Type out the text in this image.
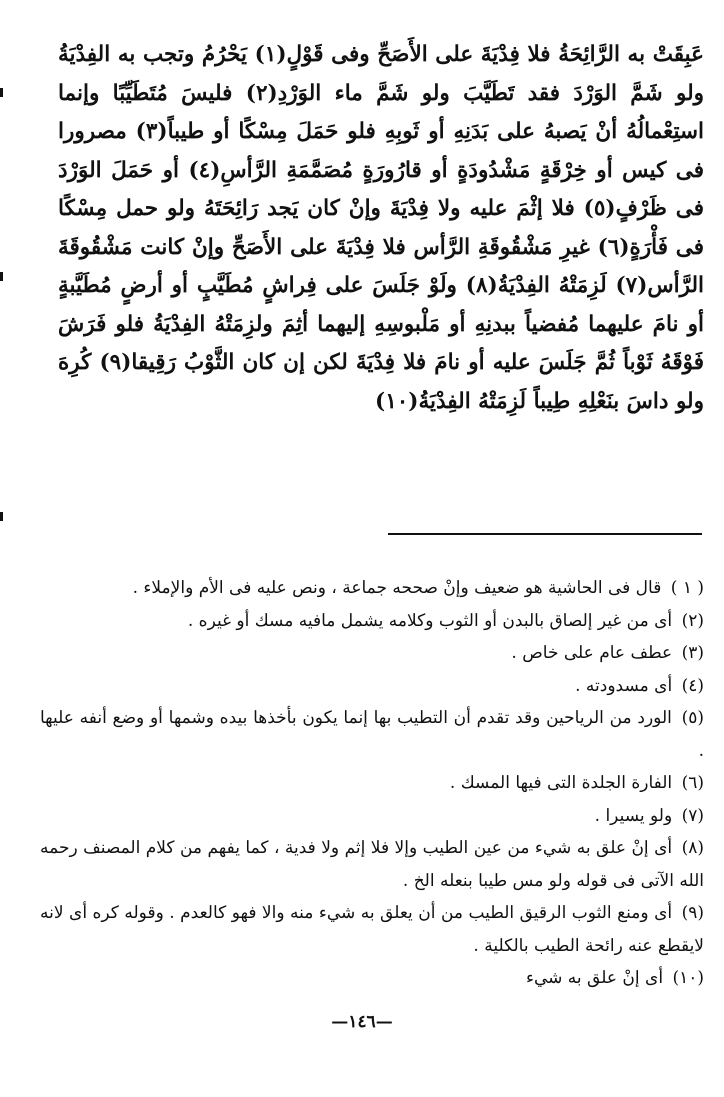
عَبِقَتْ به الرَّائِحَةُ فلا فِدْيَةَ على الأَصَحِّ وفى قَوْلٍ(١) يَحْرُمُ وتجب به الفِدْيَةُ ولو شَمَّ الوَرْدَ فقد تَطَيَّبَ ولو شَمَّ ماء الوَرْدِ(٢) فليسَ مُتَطَيِّبًا وإنما استِعْمالُهُ أنْ يَصبهُ على بَدَنِهِ أو ثَوبِهِ فلو حَمَلَ مِسْكًا أو طيباً(٣) مصرورا فى كيس أو خِرْقَةٍ مَشْدُودَةٍ أو قارُورَةٍ مُصَمَّمَةِ الرَّأسِ(٤) أو حَمَلَ الوَرْدَ فى ظَرْفٍ(٥) فلا إثْمَ عليه ولا فِدْيَةَ وإنْ كان يَجد رَائِحَتَهُ ولو حمل مِسْكًا فى فَأْرَةٍ(٦) غيرِ مَشْقُوقَةِ الرَّأس فلا فِدْيَةَ على الأَصَحِّ وإنْ كانت مَشْقُوقَةَ الرَّأس(٧) لَزِمَتْهُ الفِدْيَةُ(٨) ولَوْ جَلَسَ على فِراشٍ مُطَيَّبٍ أو أرضٍ مُطَيَّبةٍ أو نامَ عليهما مُفضياً ببدنِهِ أو مَلْبوسِهِ إليهما أثِمَ ولزِمَتْهُ الفِدْيَةُ فلو فَرَشَ فَوْقَهُ ثَوْباً ثُمَّ جَلَسَ عليه أو نامَ فلا فِدْيَةَ لكن إن كان الثَّوْبُ رَقِيقا(٩) كُرِهَ ولو داسَ بنَعْلِهِ طِيباً لَزِمَتْهُ الفِدْيَةُ(١٠)

( ١ ) قال فى الحاشية هو ضعيف وإنْ صححه جماعة ، ونص عليه فى الأم والإملاء .

(٢) أى من غير إلصاق بالبدن أو الثوب وكلامه يشمل مافيه مسك أو غيره .

(٣) عطف عام على خاص .

(٤) أى مسدودته .

(٥) الورد من الرياحين وقد تقدم أن التطيب بها إنما يكون بأخذها بيده وشمها أو وضع أنفه عليها .

(٦) الفارة الجلدة التى فيها المسك .

(٧) ولو يسيرا .

(٨) أى إنْ علق به شيء من عين الطيب وإلا فلا إثم ولا فدية ، كما يفهم من كلام المصنف رحمه الله الآتى فى قوله ولو مس طيبا بنعله الخ .

(٩) أى ومنع الثوب الرقيق الطيب من أن يعلق به شيء منه والا فهو كالعدم . وقوله كره أى لانه لايقطع عنه رائحة الطيب بالكلية .

(١٠) أى إنْ علق به شيء

—١٤٦—
